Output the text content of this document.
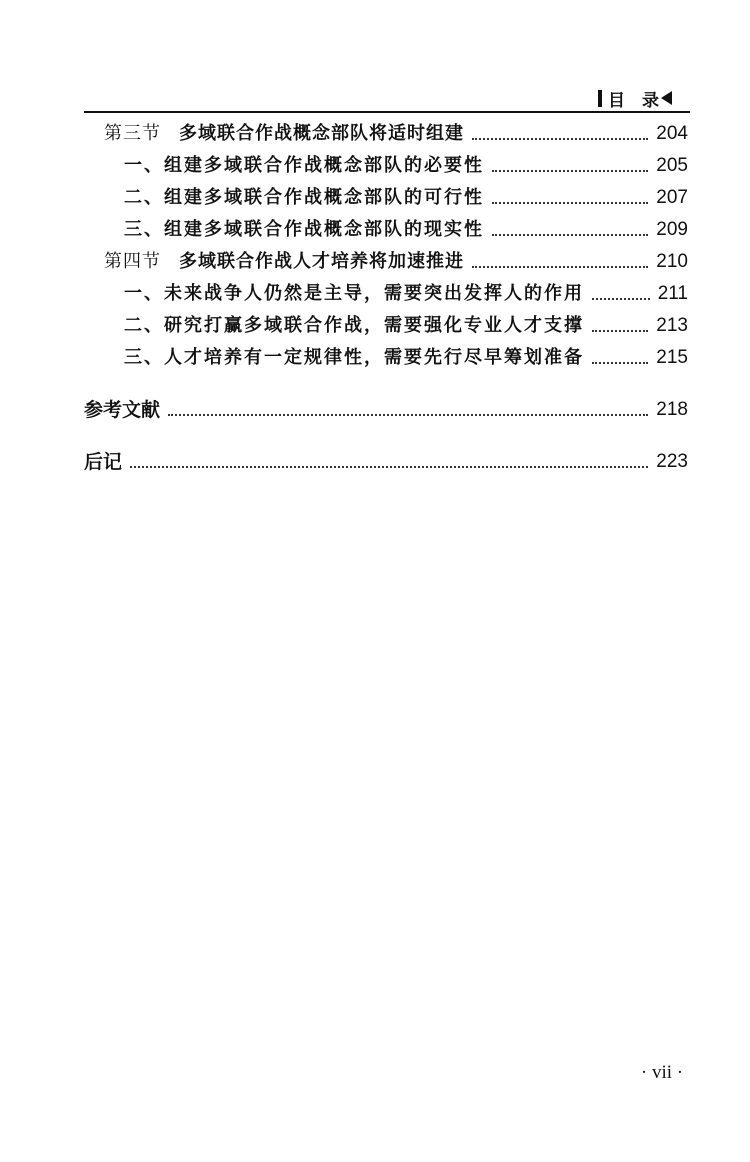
目　录
第三节 多域联合作战概念部队将适时组建	204
一、组建多域联合作战概念部队的必要性	205
二、组建多域联合作战概念部队的可行性	207
三、组建多域联合作战概念部队的现实性	209
第四节 多域联合作战人才培养将加速推进	210
一、未来战争人仍然是主导，需要突出发挥人的作用	211
二、研究打赢多域联合作战，需要强化专业人才支撑	213
三、人才培养有一定规律性，需要先行尽早筹划准备	215
参考文献	218
后记	223
· vii ·
